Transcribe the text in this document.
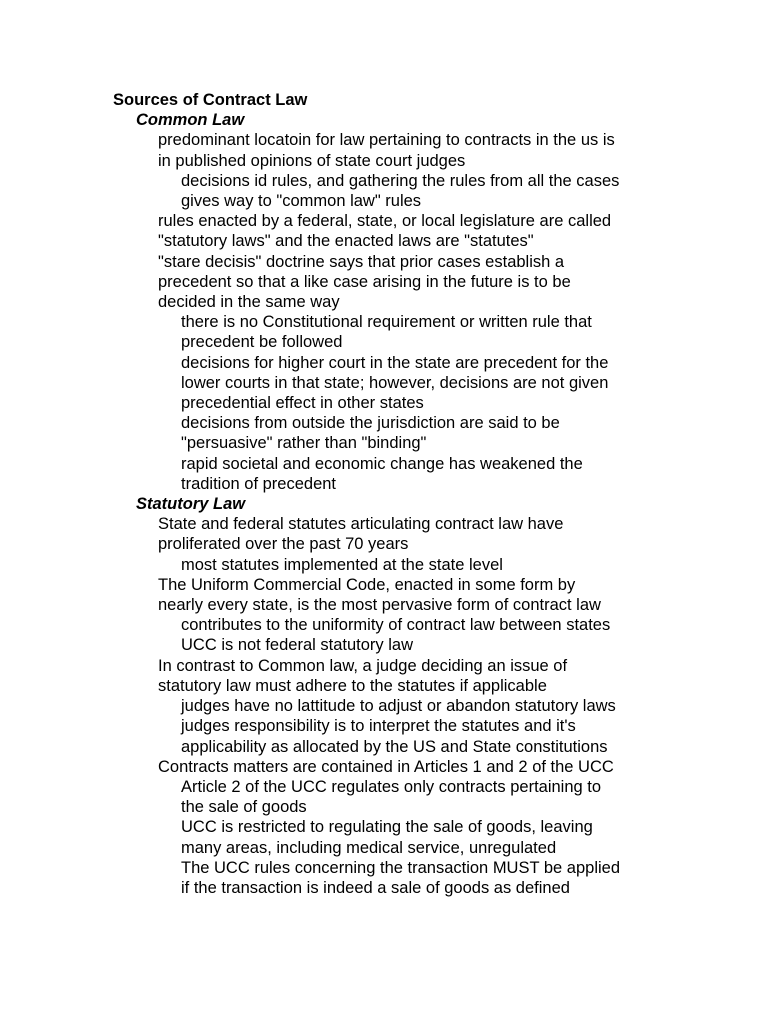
Sources of Contract Law
Common Law
predominant locatoin for law pertaining to contracts in the us is
in published opinions of state court judges
decisions id rules, and gathering the rules from all the cases
gives way to "common law" rules
rules enacted by a federal, state, or local legislature are called
"statutory laws" and the enacted laws are "statutes"
"stare decisis" doctrine says that prior cases establish a
precedent so that a like case arising in the future is to be
decided in the same way
there is no Constitutional requirement or written rule that
precedent be followed
decisions for higher court in the state are precedent for the
lower courts in that state; however, decisions are not given
precedential effect in other states
decisions from outside the jurisdiction are said to be
"persuasive" rather than "binding"
rapid societal and economic change has weakened the
tradition of precedent
Statutory Law
State and federal statutes articulating contract law have
proliferated over the past 70 years
most statutes implemented at the state level
The Uniform Commercial Code, enacted in some form by
nearly every state, is the most pervasive form of contract law
contributes to the uniformity of contract law between states
UCC is not federal statutory law
In contrast to Common law, a judge deciding an issue of
statutory law must adhere to the statutes if applicable
judges have no lattitude to adjust or abandon statutory laws
judges responsibility is to interpret the statutes and it's
applicability as allocated by the US and State constitutions
Contracts matters are contained in Articles 1 and 2 of the UCC
Article 2 of the UCC regulates only contracts pertaining to
the sale of goods
UCC is restricted to regulating the sale of goods, leaving
many areas, including medical service, unregulated
The UCC rules concerning the transaction MUST be applied
if the transaction is indeed a sale of goods as defined
